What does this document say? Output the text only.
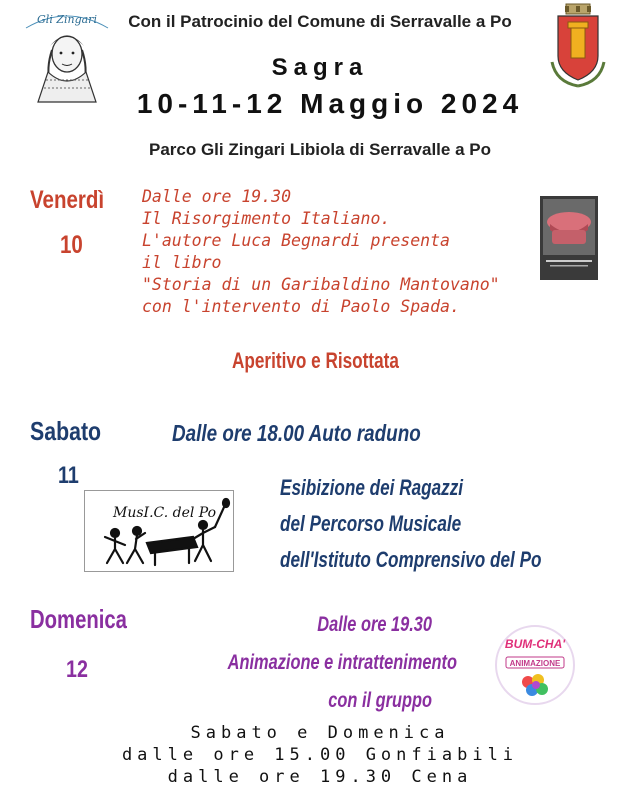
Gli Zingari	Con il Patrocinio del Comune di Serravalle a Po
Sagra
10-11-12 Maggio 2024
Parco Gli Zingari Libiola di Serravalle a Po
Venerdì
10
Dalle ore 19.30
Il Risorgimento Italiano.
L'autore Luca Begnardi presenta
il libro
"Storia di un Garibaldino Mantovano"
con l'intervento di Paolo Spada.
Aperitivo e Risottata
Sabato
11
Dalle ore 18.00 Auto raduno
Esibizione dei Ragazzi
del Percorso Musicale
dell'Istituto Comprensivo del Po
MusI.C. del Po
Domenica
12
Dalle ore 19.30
Animazione e intrattenimento
con il gruppo
BUM-CHA'
ANIMAZIONE
Sabato e Domenica
dalle ore 15.00 Gonfiabili
dalle ore 19.30 Cena
